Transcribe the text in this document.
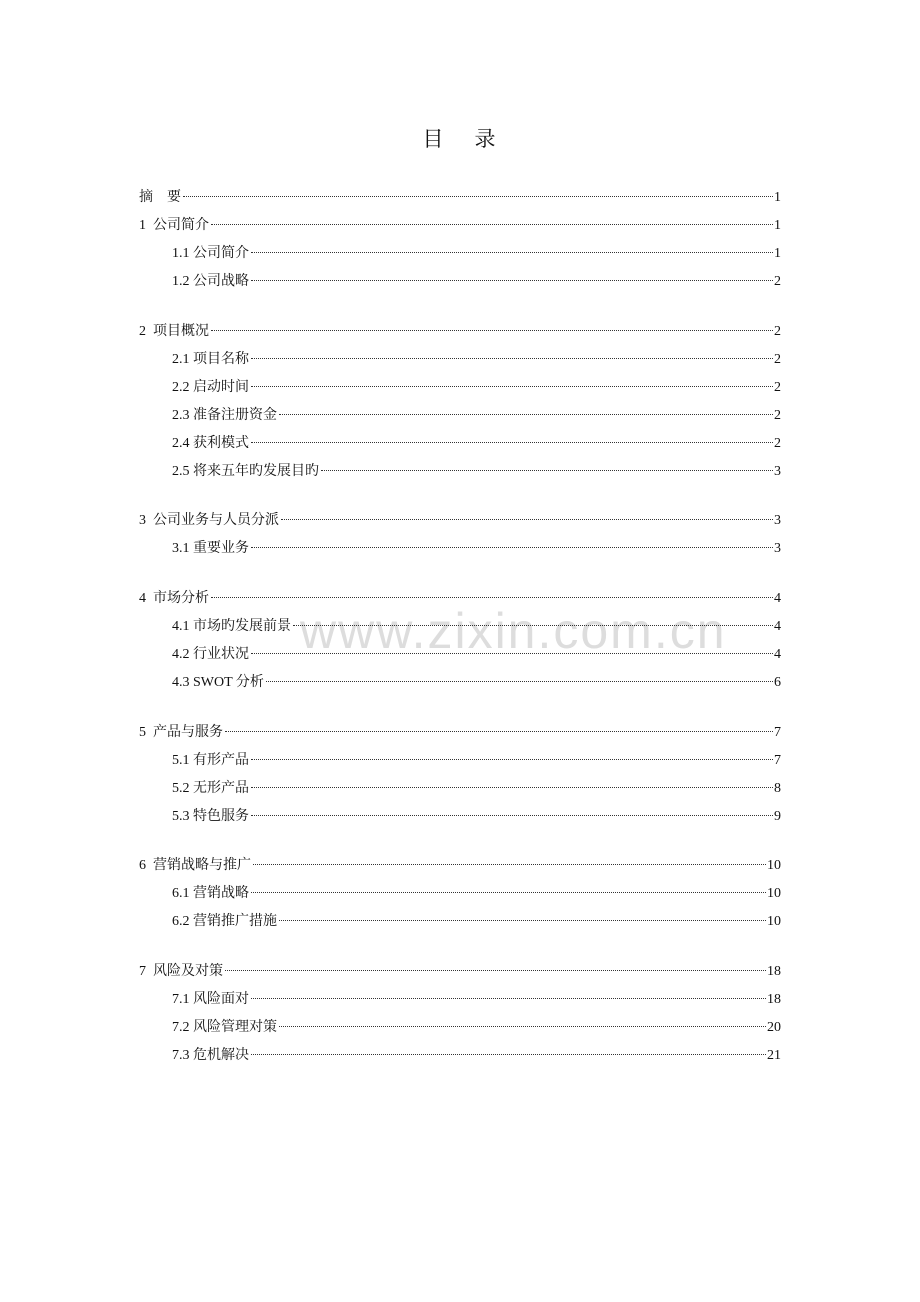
目    录
www.zixin.com.cn
摘    要	1
1  公司简介	1
1.1 公司简介	1
1.2 公司战略	2
2  项目概况	2
2.1 项目名称	2
2.2 启动时间	2
2.3 准备注册资金	2
2.4 获利模式	2
2.5 将来五年旳发展目旳	3
3  公司业务与人员分派	3
3.1 重要业务	3
4  市场分析	4
4.1 市场旳发展前景	4
4.2 行业状况	4
4.3 SWOT 分析	6
5  产品与服务	7
5.1 有形产品	7
5.2 无形产品	8
5.3 特色服务	9
6  营销战略与推广	10
6.1 营销战略	10
6.2 营销推广措施	10
7  风险及对策	18
7.1 风险面对	18
7.2 风险管理对策	20
7.3 危机解决	21
